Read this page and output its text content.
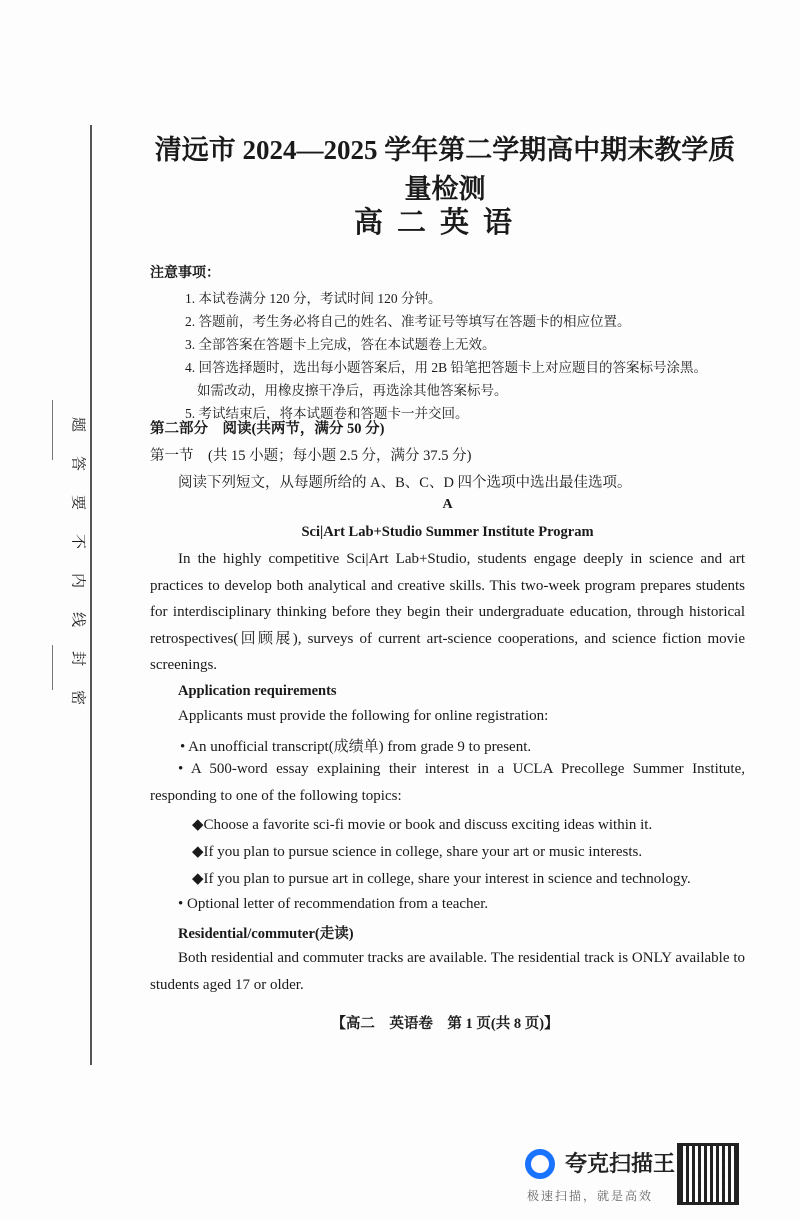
题
答
要
不
内
线
封
密
清远市 2024—2025 学年第二学期高中期末教学质量检测
高二英语
注意事项：
1. 本试卷满分 120 分，考试时间 120 分钟。
2. 答题前，考生务必将自己的姓名、准考证号等填写在答题卡的相应位置。
3. 全部答案在答题卡上完成，答在本试题卷上无效。
4. 回答选择题时，选出每小题答案后，用 2B 铅笔把答题卡上对应题目的答案标号涂黑。
如需改动，用橡皮擦干净后，再选涂其他答案标号。
5. 考试结束后，将本试题卷和答题卡一并交回。
第二部分　阅读(共两节，满分 50 分)
第一节　(共 15 小题；每小题 2.5 分，满分 37.5 分)
阅读下列短文，从每题所给的 A、B、C、D 四个选项中选出最佳选项。
A
Sci|Art Lab+Studio Summer Institute Program
In the highly competitive Sci|Art Lab+Studio, students engage deeply in science and art practices to develop both analytical and creative skills. This two-week program prepares students for interdisciplinary thinking before they begin their undergraduate education, through historical retrospectives(回顾展), surveys of current art-science cooperations, and science fiction movie screenings.
Application requirements
Applicants must provide the following for online registration:
• An unofficial transcript(成绩单) from grade 9 to present.
• A 500-word essay explaining their interest in a UCLA Precollege Summer Institute, responding to one of the following topics:
◆Choose a favorite sci-fi movie or book and discuss exciting ideas within it.
◆If you plan to pursue science in college, share your art or music interests.
◆If you plan to pursue art in college, share your interest in science and technology.
• Optional letter of recommendation from a teacher.
Residential/commuter(走读)
Both residential and commuter tracks are available. The residential track is ONLY available to students aged 17 or older.
【高二　英语卷　第 1 页(共 8 页)】
夸克扫描王
极速扫描，就是高效
